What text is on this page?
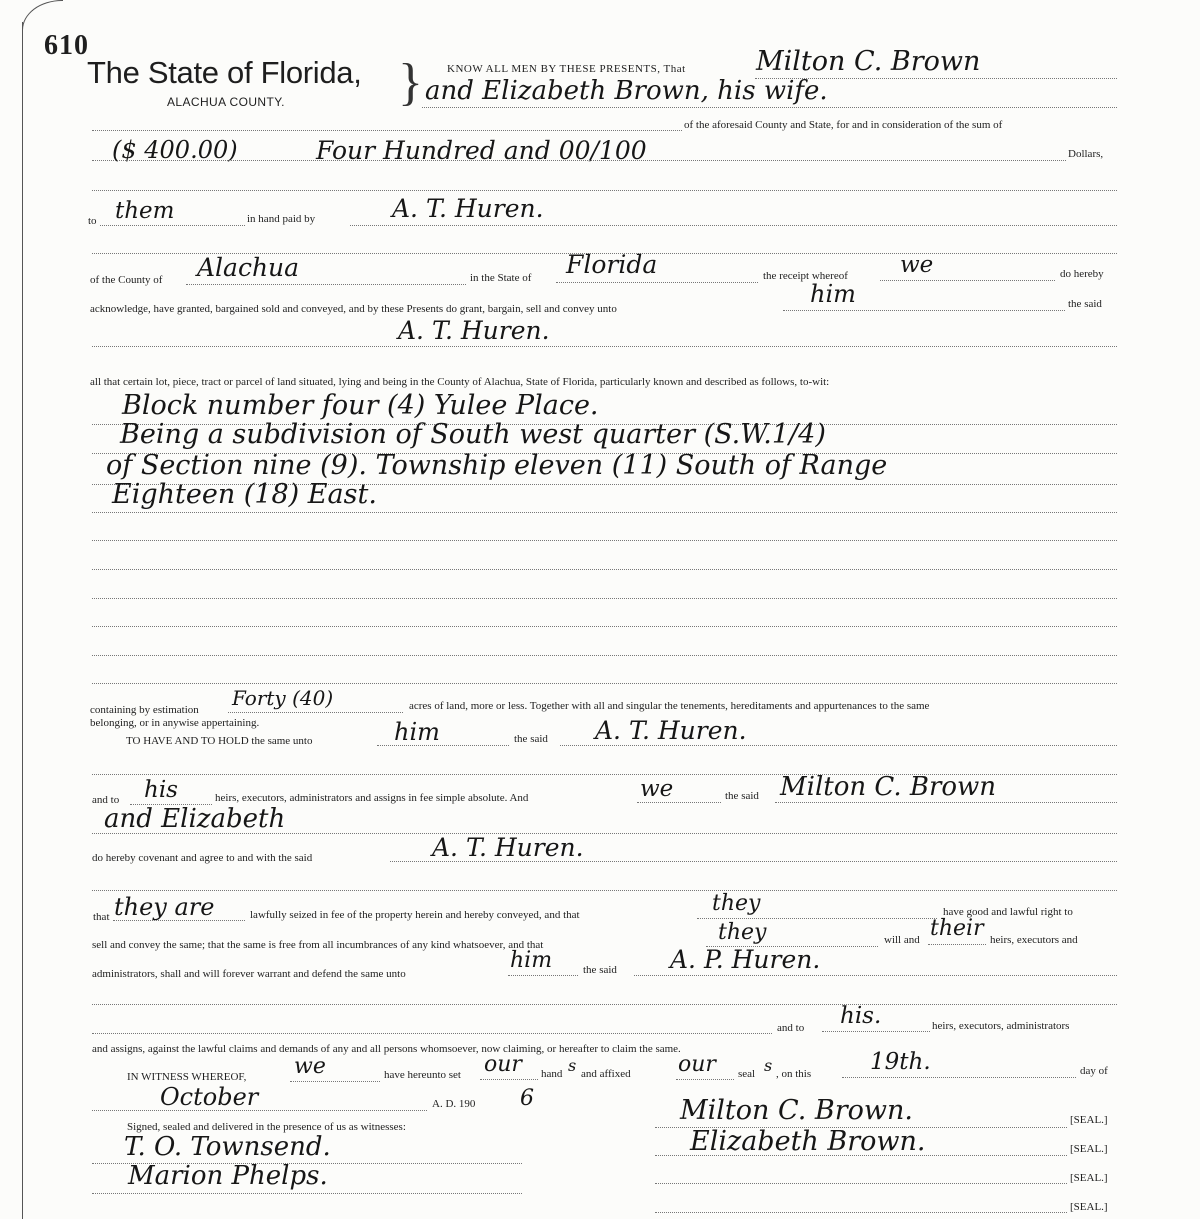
610
The State of Florida,
ALACHUA COUNTY. } KNOW ALL MEN BY THESE PRESENTS, That	Milton C. Brown
and Elizabeth Brown, his wife.
of the aforesaid County and State, for and in consideration of the sum of
($ 400.00)	Four Hundred and 00/100	Dollars,
to them	in hand paid by	A. T. Huren.
of the County of Alachua	in the State of Florida	the receipt whereof we	do hereby
acknowledge, have granted, bargained sold and conveyed, and by these Presents do grant, bargain, sell and convey unto
him	the said
A. T. Huren.
all that certain lot, piece, tract or parcel of land situated, lying and being in the County of Alachua, State of Florida, particularly known and described as follows, to-wit:
Block number four (4) Yulee Place.
Being a subdivision of South west quarter (S.W.1/4)
of Section nine (9). Township eleven (11) South of Range
Eighteen (18) East.
containing by estimation Forty (40)	acres of land, more or less. Together with all and singular the tenements, hereditaments and appurtenances to the same
belonging, or in anywise appertaining.
TO HAVE AND TO HOLD the same unto	him	the said A. T. Huren.
and to his	heirs, executors, administrators and assigns in fee simple absolute. And	we	the said Milton C. Brown
and Elizabeth
do hereby covenant and agree to and with the said	A. T. Huren.
that they are	lawfully seized in fee of the property herein and hereby conveyed, and that	they	have good and lawful right to
sell and convey the same; that the same is free from all incumbrances of any kind whatsoever, and that	they	will and their heirs, executors and
administrators, shall and will forever warrant and defend the same unto
him	the said A. P. Huren.
and to his.	heirs, executors, administrators
and assigns, against the lawful claims and demands of any and all persons whomsoever, now claiming, or hereafter to claim the same.
IN WITNESS WHEREOF, we	have hereunto set our hand s and affixed our seal s , on this	19th.	day of
October	A. D. 190 6
Signed, sealed and delivered in the presence of us as witnesses:
T. O. Townsend.
Marion Phelps.
Milton C. Brown.	[SEAL.]
Elizabeth Brown.	[SEAL.]
[SEAL.]
[SEAL.]
